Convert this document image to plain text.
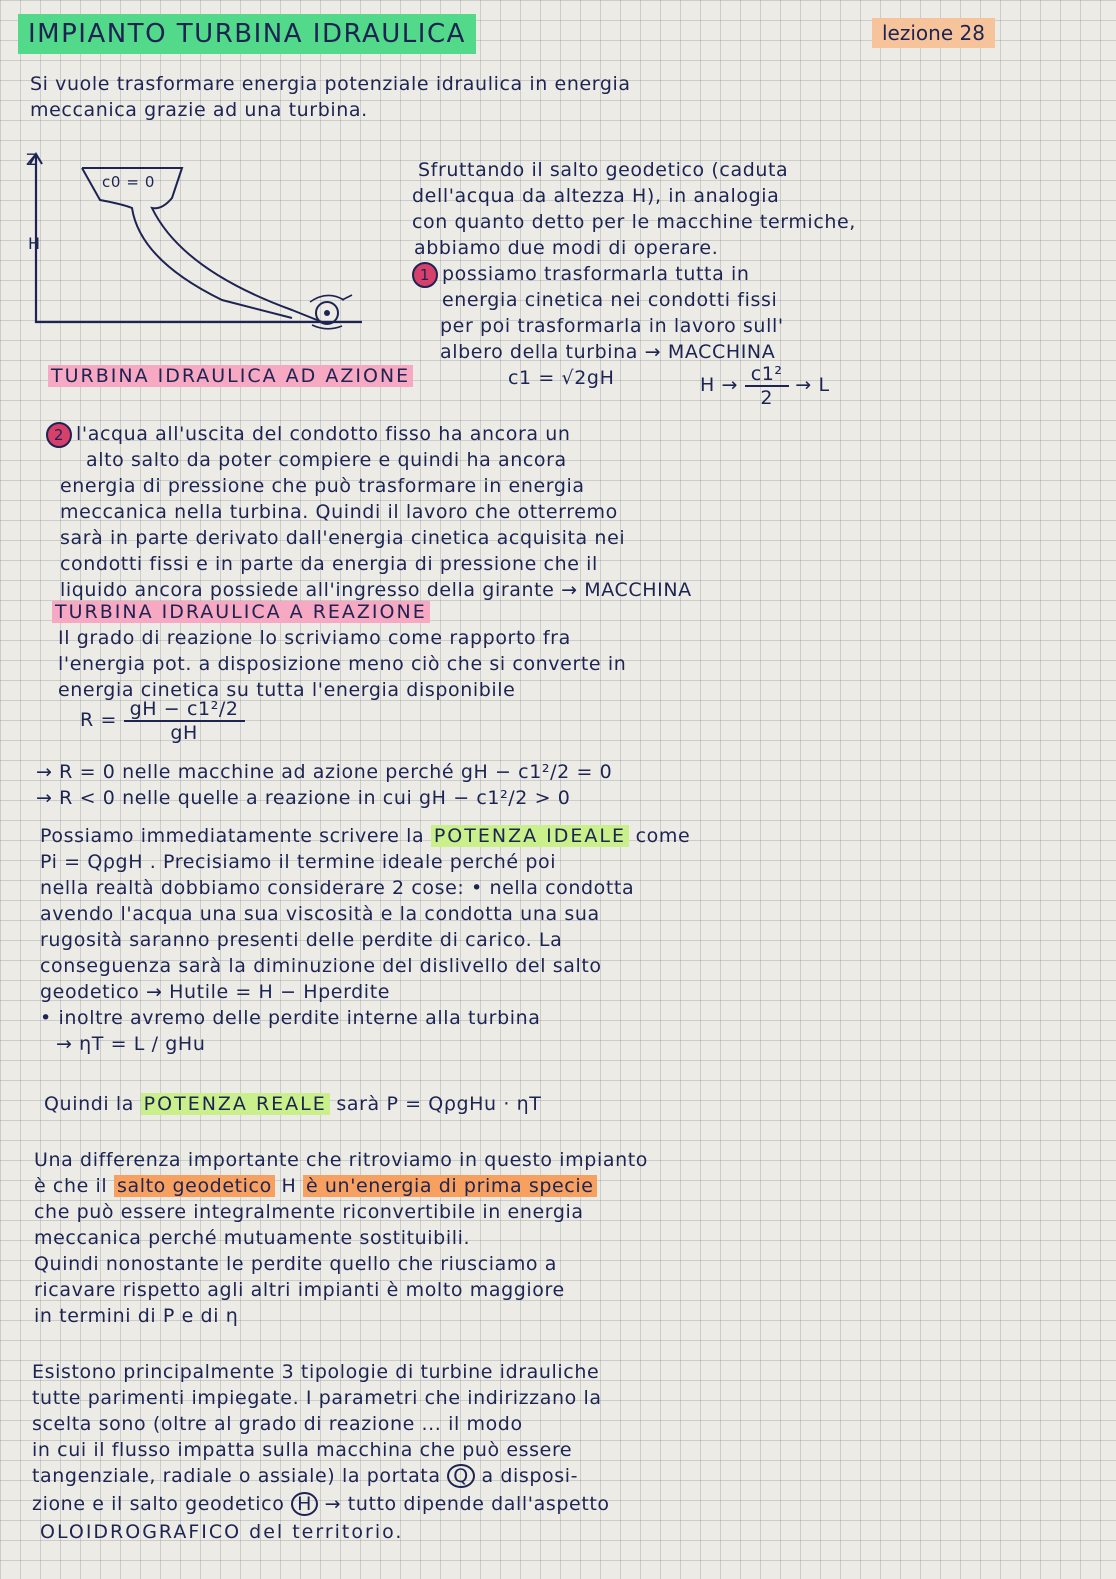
IMPIANTO TURBINA IDRAULICA	lezione 28
Si vuole trasformare energia potenziale idraulica in energia
meccanica grazie ad una turbina.
Z
H
c0 = 0
Sfruttando il salto geodetico (caduta
dell'acqua da altezza H), in analogia
con quanto detto per le macchine termiche,
abbiamo due modi di operare.
1 possiamo trasformarla tutta in
energia cinetica nei condotti fissi
per poi trasformarla in lavoro sull'
albero della turbina → MACCHINA
TURBINA IDRAULICA AD AZIONE	c1 = √2gH	$H \to \frac{\text{c1²}}{2} \to L$
2 l'acqua all'uscita del condotto fisso ha ancora un
alto salto da poter compiere e quindi ha ancora
energia di pressione che può trasformare in energia
meccanica nella turbina. Quindi il lavoro che otterremo
sarà in parte derivato dall'energia cinetica acquisita nei
condotti fissi e in parte da energia di pressione che il
liquido ancora possiede all'ingresso della girante → MACCHINA
TURBINA IDRAULICA A REAZIONE
Il grado di reazione lo scriviamo come rapporto fra
l'energia pot. a disposizione meno ciò che si converte in
energia cinetica su tutta l'energia disponibile
$R = \frac{\text{gH − c1²/2}}{gH}$
→ R = 0 nelle macchine ad azione perché gH − c1²/2 = 0
→ R < 0 nelle quelle a reazione in cui gH − c1²/2 > 0
Possiamo immediatamente scrivere la POTENZA IDEALE come
Pi = QρgH . Precisiamo il termine ideale perché poi
nella realtà dobbiamo considerare 2 cose: • nella condotta
avendo l'acqua una sua viscosità e la condotta una sua
rugosità saranno presenti delle perdite di carico. La
conseguenza sarà la diminuzione del dislivello del salto
geodetico → Hutile = H − Hperdite
• inoltre avremo delle perdite interne alla turbina
→ ηT = L / gHu
Quindi la POTENZA REALE sarà P = QρgHu · ηT
Una differenza importante che ritroviamo in questo impianto
è che il salto geodetico H è un'energia di prima specie
che può essere integralmente riconvertibile in energia
meccanica perché mutuamente sostituibili.
Quindi nonostante le perdite quello che riusciamo a
ricavare rispetto agli altri impianti è molto maggiore
in termini di P e di η
Esistono principalmente 3 tipologie di turbine idrauliche
tutte parimenti impiegate. I parametri che indirizzano la
scelta sono (oltre al grado di reazione ... il modo
in cui il flusso impatta sulla macchina che può essere
tangenziale, radiale o assiale) la portata Q a disposi-
zione e il salto geodetico H → tutto dipende dall'aspetto
OLOIDROGRAFICO del territorio.
